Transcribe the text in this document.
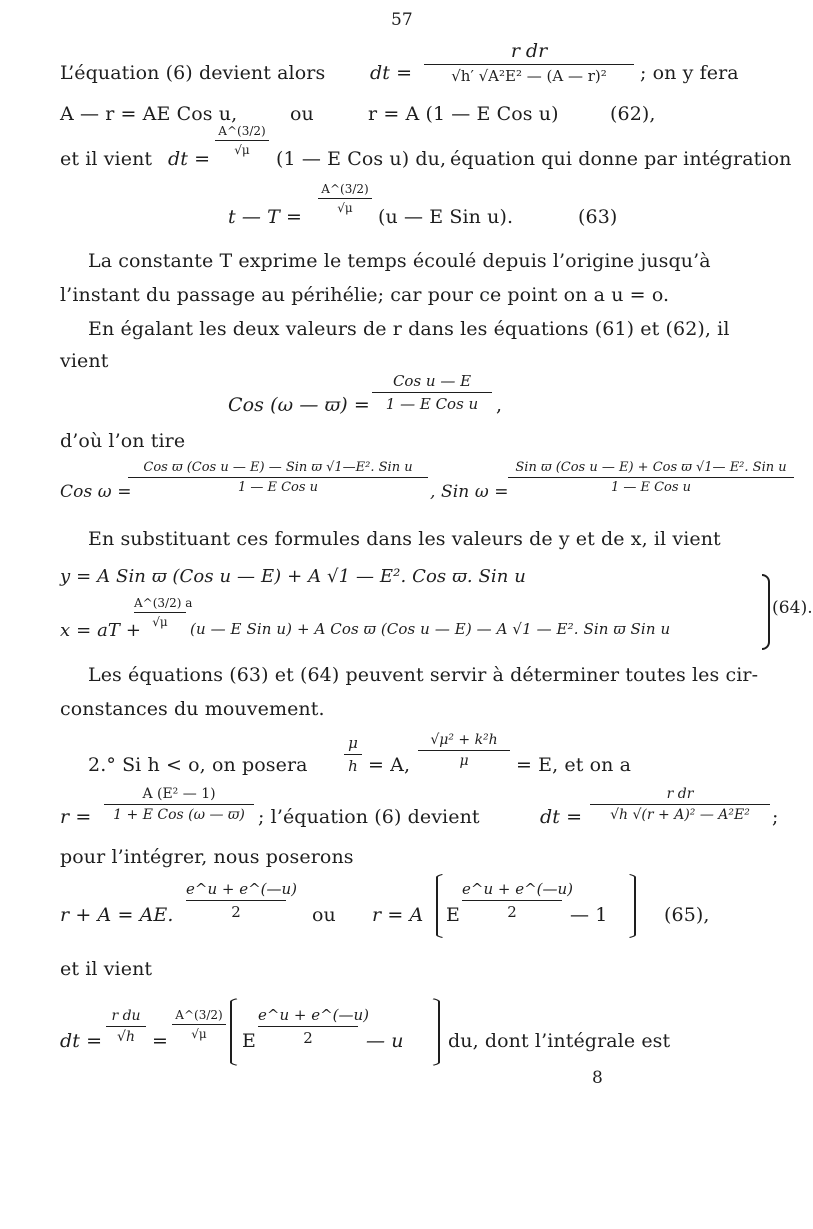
57
L’équation (6) devient alors dt =
r dr
√h′ √A²E² — (A — r)²	; on y fera
A — r = AE Cos u,	ou	r = A (1 — E Cos u)	(62),
et il vient dt =
A^(3/2)
√μ	(1 — E Cos u) du, équation qui donne par intégration
t — T =
A^(3/2)
√μ	(u — E Sin u).	(63)
La constante T exprime le temps écoulé depuis l’origine jusqu’à
l’instant du passage au périhélie; car pour ce point on a u = o.
En égalant les deux valeurs de r dans les équations (61) et (62), il
vient
Cos (ω — ϖ) =
Cos u — E
1 — E Cos u ,
d’où l’on tire
Cos ω =
Cos ϖ (Cos u — E) — Sin ϖ √1—E². Sin u
1 — E Cos u	, Sin ω =
Sin ϖ (Cos u — E) + Cos ϖ √1— E². Sin u
1 — E Cos u
En substituant ces formules dans les valeurs de y et de x, il vient
y = A Sin ϖ (Cos u — E) + A √1 — E². Cos ϖ. Sin u
x = aT +
A^(3/2) a
√μ	(u — E Sin u) + A Cos ϖ (Cos u — E) — A √1 — E². Sin ϖ Sin u
(64).
Les équations (63) et (64) peuvent servir à déterminer toutes les cir-
constances du mouvement.
2.° Si h < o, on posera
μ
h = A,
√μ² + k²h
μ	= E, et on a
r =
A (E² — 1)
1 + E Cos (ω — ϖ) ; l’équation (6) devient	dt =
r dr
√h √(r + A)² — A²E²	;
pour l’intégrer, nous poserons
r + A = AE.
e^u + e^(—u)
2	ou r = A E
e^u + e^(—u)
2	— 1	(65),
et il vient
dt =
r du
√h =
A^(3/2)
√μ	E
e^u + e^(—u)
2	— u du, dont l’intégrale est
8
